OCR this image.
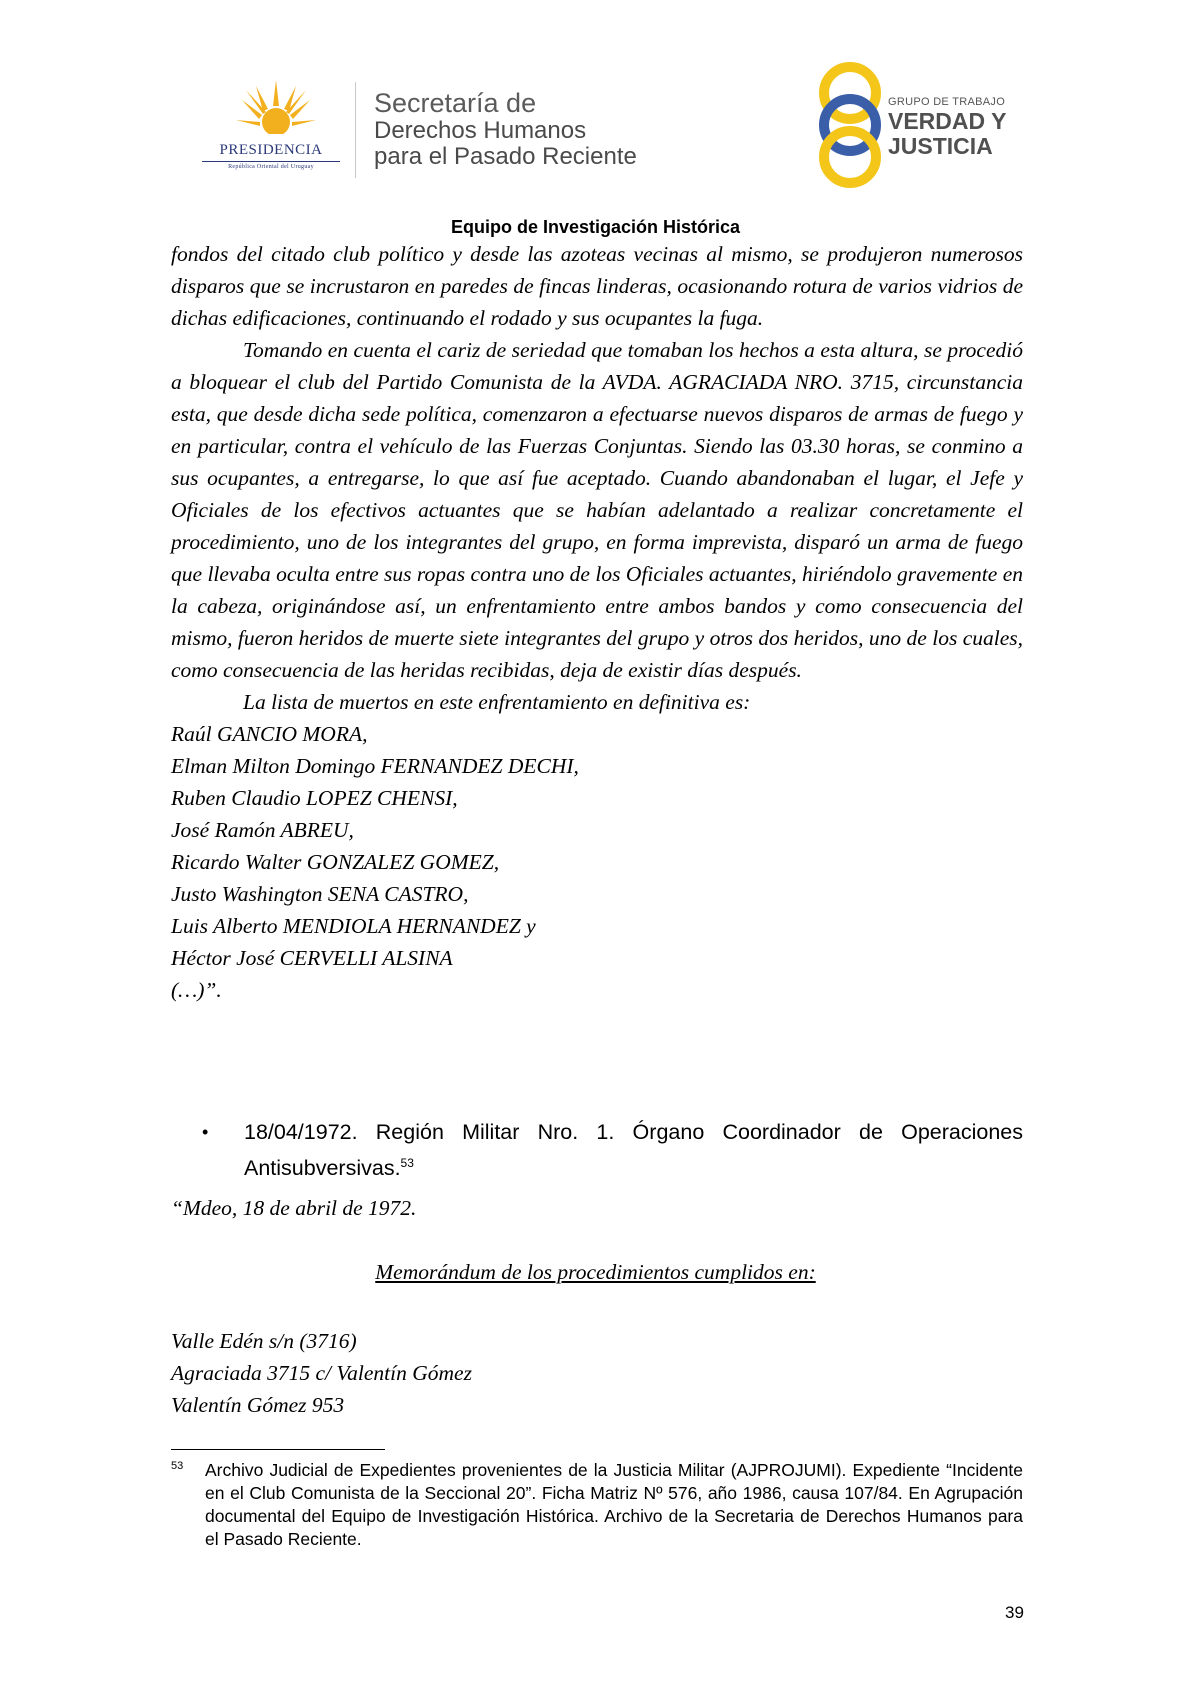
PRESIDENCIA
República Oriental del Uruguay
Secretaría de
Derechos Humanos
para el Pasado Reciente
GRUPO DE TRABAJO
VERDAD Y
JUSTICIA
Equipo de Investigación Histórica

fondos del citado club político y desde las azoteas vecinas al mismo, se produjeron numerosos disparos que se incrustaron en paredes de fincas linderas, ocasionando rotura de varios vidrios de dichas edificaciones, continuando el rodado y sus ocupantes la fuga.

Tomando en cuenta el cariz de seriedad que tomaban los hechos a esta altura, se procedió a bloquear el club del Partido Comunista de la AVDA. AGRACIADA NRO. 3715, circunstancia esta, que desde dicha sede política, comenzaron a efectuarse nuevos disparos de armas de fuego y en particular, contra el vehículo de las Fuerzas Conjuntas. Siendo las 03.30 horas, se conmino a sus ocupantes, a entregarse, lo que así fue aceptado. Cuando abandonaban el lugar, el Jefe y Oficiales de los efectivos actuantes que se habían adelantado a realizar concretamente el procedimiento, uno de los integrantes del grupo, en forma imprevista, disparó un arma de fuego que llevaba oculta entre sus ropas contra uno de los Oficiales actuantes, hiriéndolo gravemente en la cabeza, originándose así, un enfrentamiento entre ambos bandos y como consecuencia del mismo, fueron heridos de muerte siete integrantes del grupo y otros dos heridos, uno de los cuales, como consecuencia de las heridas recibidas, deja de existir días después.

La lista de muertos en este enfrentamiento en definitiva es:

Raúl GANCIO MORA,

Elman Milton Domingo FERNANDEZ DECHI,

Ruben Claudio LOPEZ CHENSI,

José Ramón ABREU,

Ricardo Walter GONZALEZ GOMEZ,

Justo Washington SENA CASTRO,

Luis Alberto MENDIOLA HERNANDEZ y

Héctor José CERVELLI ALSINA

(…)”.

• 18/04/1972. Región Militar Nro. 1. Órgano Coordinador de Operaciones Antisubversivas.$^{53}$
“Mdeo, 18 de abril de 1972.
Memorándum de los procedimientos cumplidos en:

Valle Edén s/n (3716)

Agraciada 3715 c/ Valentín Gómez

Valentín Gómez 953

53 Archivo Judicial de Expedientes provenientes de la Justicia Militar (AJPROJUMI). Expediente “Incidente en el Club Comunista de la Seccional 20”. Ficha Matriz Nº 576, año 1986, causa 107/84. En Agrupación documental del Equipo de Investigación Histórica. Archivo de la Secretaria de Derechos Humanos para el Pasado Reciente.
39
